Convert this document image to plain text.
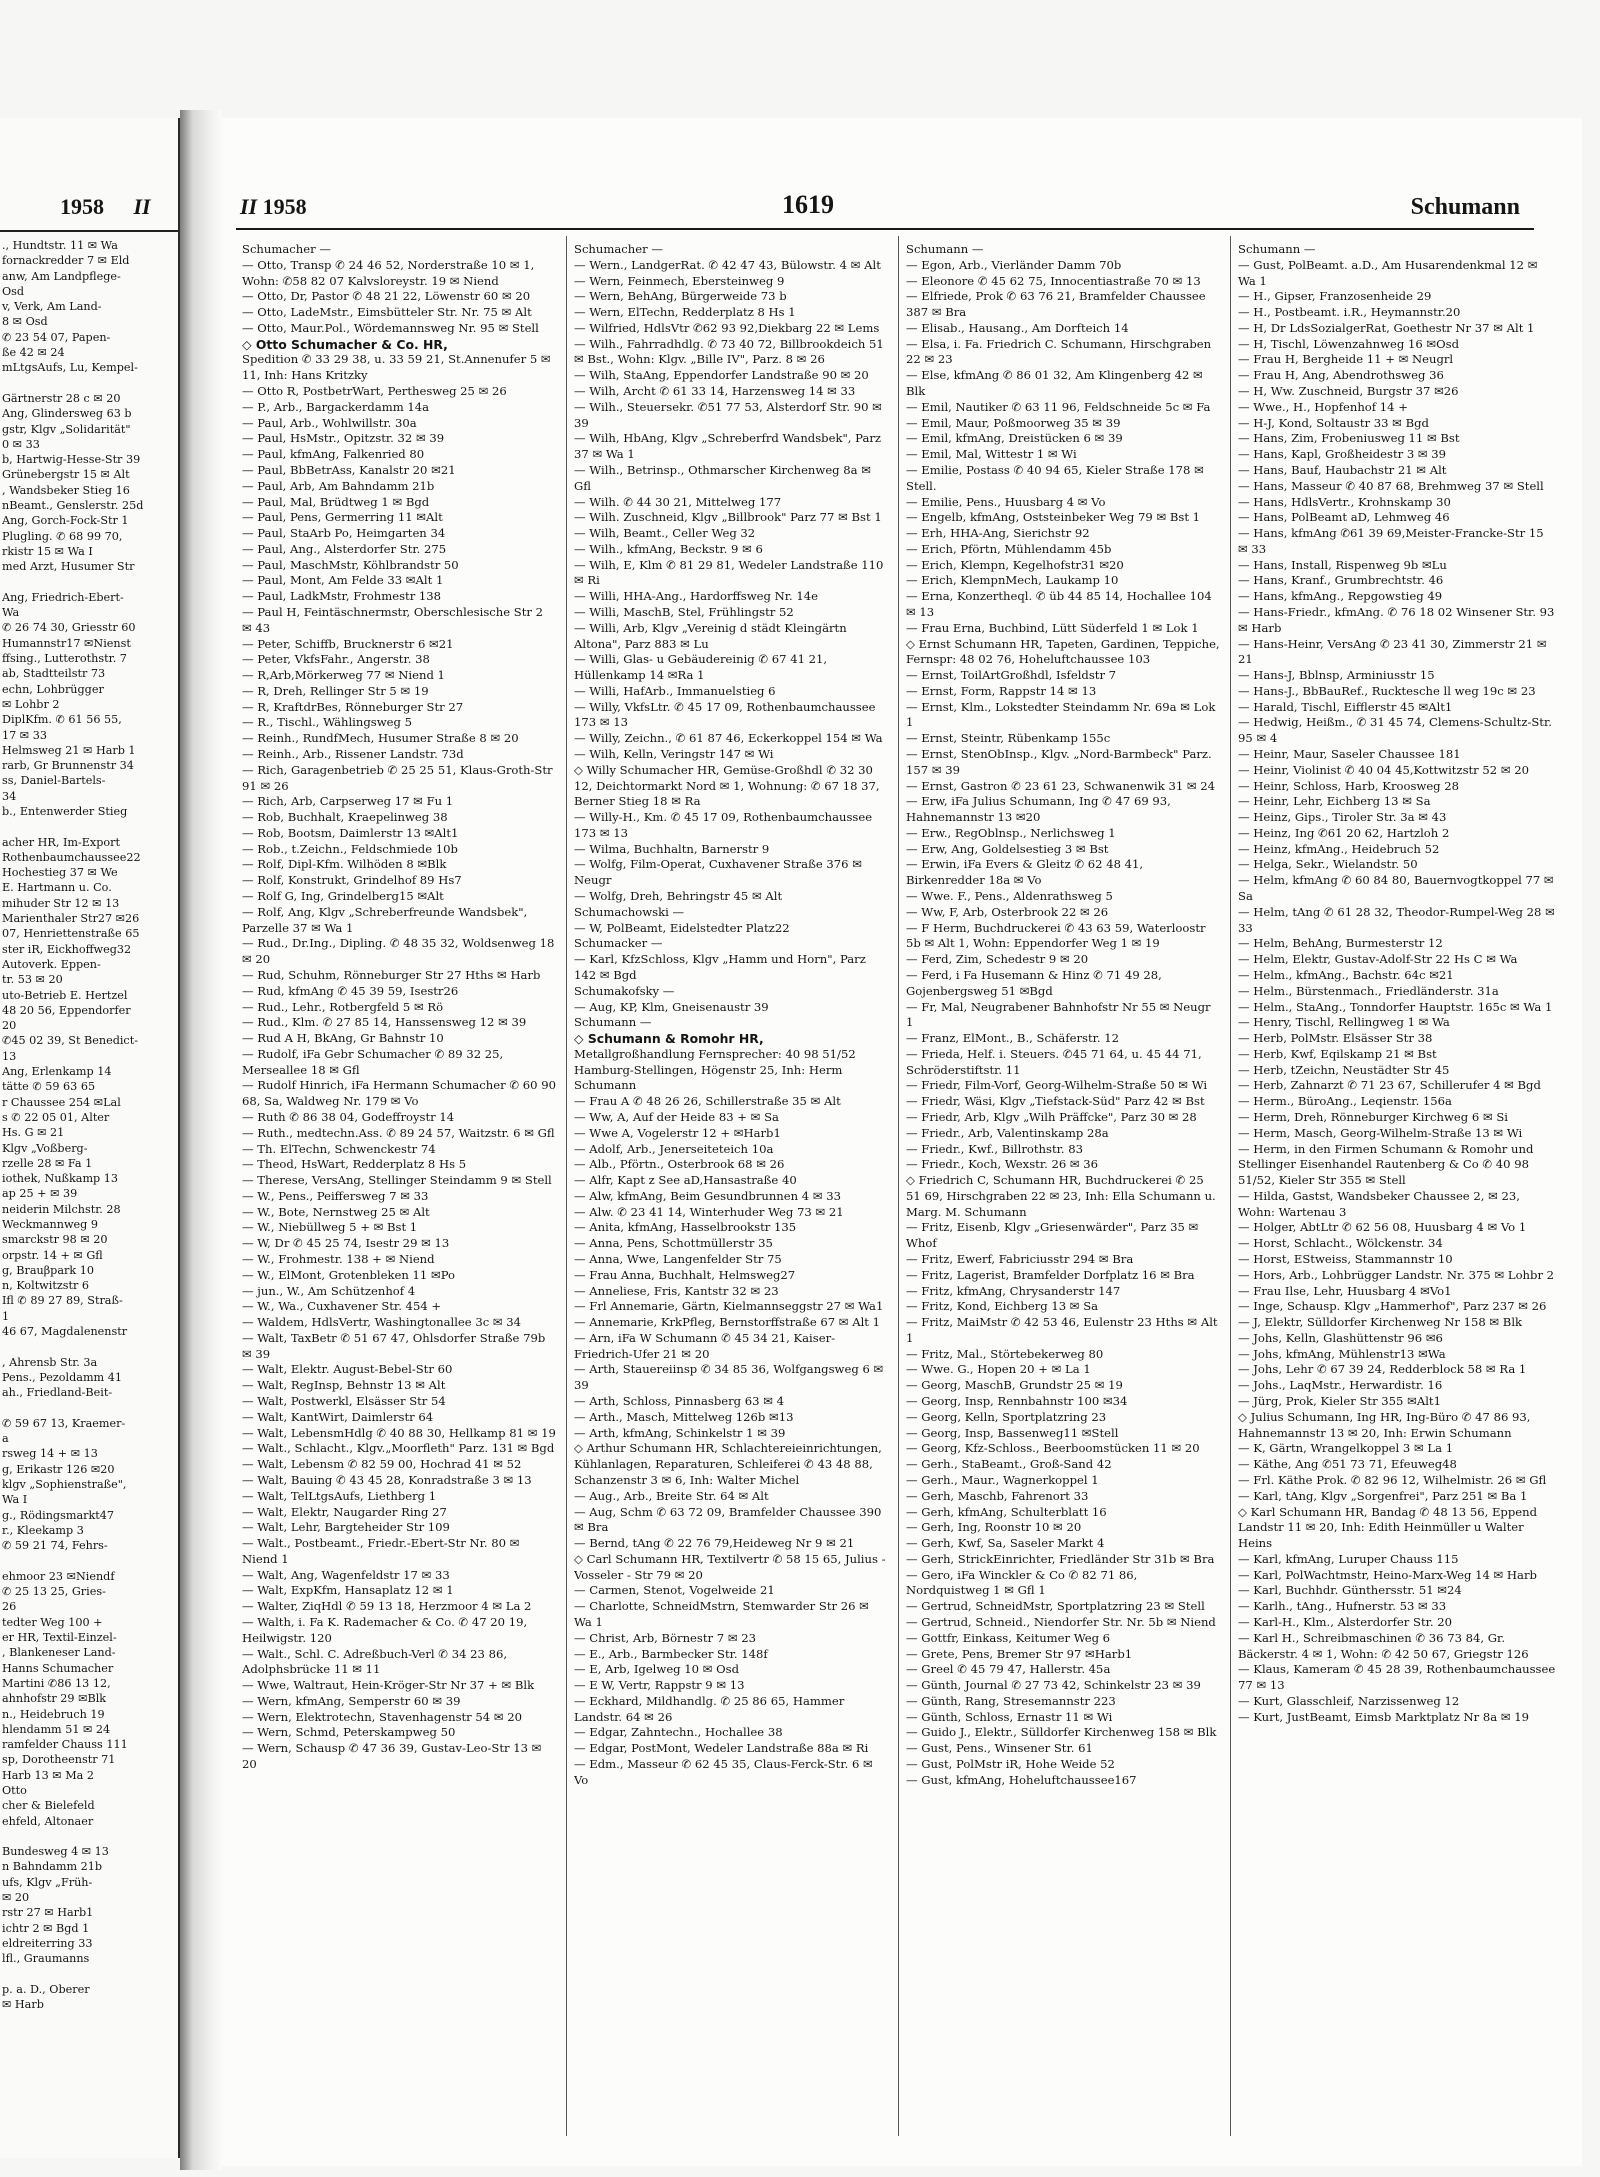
1958 II
., Hundtstr. 11 ✉ Wa
fornackredder 7 ✉ Eld
anw, Am Landpflege-
Osd
v, Verk, Am Land-
8 ✉ Osd
✆ 23 54 07, Papen-
ße 42 ✉ 24
mLtgsAufs, Lu, Kempel-

Gärtnerstr 28 c ✉ 20
Ang, Glindersweg 63 b
gstr, Klgv „Solidarität"
0 ✉ 33
b, Hartwig-Hesse-Str 39
Grünebergstr 15 ✉ Alt
, Wandsbeker Stieg 16
nBeamt., Genslerstr. 25d
Ang, Gorch-Fock-Str 1
Plugling. ✆ 68 99 70,
rkistr 15 ✉ Wa I
med Arzt, Husumer Str

Ang, Friedrich-Ebert-
Wa
✆ 26 74 30, Griesstr 60
Humannstr17 ✉Nienst
ffsing., Lutterothstr. 7
ab, Stadtteilstr 73
echn, Lohbrügger
✉ Lohbr 2
DiplKfm. ✆ 61 56 55,
17 ✉ 33
Helmsweg 21 ✉ Harb 1
rarb, Gr Brunnenstr 34
ss, Daniel-Bartels-
34
b., Entenwerder Stieg

acher HR, Im-Export
Rothenbaumchaussee22
Hochestieg 37 ✉ We
E. Hartmann u. Co.
mihuder Str 12 ✉ 13
Marienthaler Str27 ✉26
07, Henriettenstraße 65
ster iR, Eickhoffweg32
Autoverk. Eppen-
tr. 53 ✉ 20
uto-Betrieb E. Hertzel
48 20 56, Eppendorfer
20
✆45 02 39, St Benedict-
13
Ang, Erlenkamp 14
tätte ✆ 59 63 65
r Chaussee 254 ✉Lal
s ✆ 22 05 01, Alter
Hs. G ✉ 21
Klgv „Voßberg-
rzelle 28 ✉ Fa 1
iothek, Nußkamp 13
ap 25 + ✉ 39
neiderin Milchstr. 28
Weckmannweg 9
smarckstr 98 ✉ 20
orpstr. 14 + ✉ Gfl
g, Brauβpark 10
n, Koltwitzstr 6
Ifl ✆ 89 27 89, Straß-
1
46 67, Magdalenenstr

, Ahrensb Str. 3a
Pens., Pezoldamm 41
ah., Friedland-Beit-

✆ 59 67 13, Kraemer-
a
rsweg 14 + ✉ 13
g, Erikastr 126 ✉20
klgv „Sophienstraße",
Wa I
g., Rödingsmarkt47
r., Kleekamp 3
✆ 59 21 74, Fehrs-

ehmoor 23 ✉Niendf
✆ 25 13 25, Gries-
26
tedter Weg 100 +
er HR, Textil-Einzel-
, Blankeneser Land-
Hanns Schumacher
Martini ✆86 13 12,
ahnhofstr 29 ✉Blk
n., Heidebruch 19
hlendamm 51 ✉ 24
ramfelder Chauss 111
sp, Dorotheenstr 71
Harb 13 ✉ Ma 2
Otto
cher & Bielefeld
ehfeld, Altonaer

Bundesweg 4 ✉ 13
n Bahndamm 21b
ufs, Klgv „Früh-
✉ 20
rstr 27 ✉ Harb1
ichtr 2 ✉ Bgd 1
eldreiterring 33
lfl., Graumanns

p. a. D., Oberer
✉ Harb
II 1958	1619	Schumann
Schumacher —
— Otto, Transp ✆ 24 46 52, Norderstraße 10 ✉ 1, Wohn: ✆58 82 07 Kalvsloreystr. 19 ✉ Niend
— Otto, Dr, Pastor ✆ 48 21 22, Löwenstr 60 ✉ 20
— Otto, LadeMstr., Eimsbütteler Str. Nr. 75 ✉ Alt
— Otto, Maur.Pol., Wördemannsweg Nr. 95 ✉ Stell
◇ Otto Schumacher & Co. HR,
Spedition ✆ 33 29 38, u. 33 59 21, St.Annenufer 5 ✉ 11, Inh: Hans Kritzky
— Otto R, PostbetrWart, Perthesweg 25 ✉ 26
— P., Arb., Bargackerdamm 14a
— Paul, Arb., Wohlwillstr. 30a
— Paul, HsMstr., Opitzstr. 32 ✉ 39
— Paul, kfmAng, Falkenried 80
— Paul, BbBetrAss, Kanalstr 20 ✉21
— Paul, Arb, Am Bahndamm 21b
— Paul, Mal, Brüdtweg 1 ✉ Bgd
— Paul, Pens, Germerring 11 ✉Alt
— Paul, StaArb Po, Heimgarten 34
— Paul, Ang., Alsterdorfer Str. 275
— Paul, MaschMstr, Köhlbrandstr 50
— Paul, Mont, Am Felde 33 ✉Alt 1
— Paul, LadkMstr, Frohmestr 138
— Paul H, Feintäschnermstr, Oberschlesische Str 2 ✉ 43
— Peter, Schiffb, Brucknerstr 6 ✉21
— Peter, VkfsFahr., Angerstr. 38
— R,Arb,Mörkerweg 77 ✉ Niend 1
— R, Dreh, Rellinger Str 5 ✉ 19
— R, KraftdrBes, Rönneburger Str 27
— R., Tischl., Wählingsweg 5
— Reinh., RundfMech, Husumer Straße 8 ✉ 20
— Reinh., Arb., Rissener Landstr. 73d
— Rich, Garagenbetrieb ✆ 25 25 51, Klaus-Groth-Str 91 ✉ 26
— Rich, Arb, Carpserweg 17 ✉ Fu 1
— Rob, Buchhalt, Kraepelinweg 38
— Rob, Bootsm, Daimlerstr 13 ✉Alt1
— Rob., t.Zeichn., Feldschmiede 10b
— Rolf, Dipl-Kfm. Wilhöden 8 ✉Blk
— Rolf, Konstrukt, Grindelhof 89 Hs7
— Rolf G, Ing, Grindelberg15 ✉Alt
— Rolf, Ang, Klgv „Schreberfreunde Wandsbek", Parzelle 37 ✉ Wa 1
— Rud., Dr.Ing., Dipling. ✆ 48 35 32, Woldsenweg 18 ✉ 20
— Rud, Schuhm, Rönneburger Str 27 Hths ✉ Harb
— Rud, kfmAng ✆ 45 39 59, Isestr26
— Rud., Lehr., Rotbergfeld 5 ✉ Rö
— Rud., Klm. ✆ 27 85 14, Hanssensweg 12 ✉ 39
— Rud A H, BkAng, Gr Bahnstr 10
— Rudolf, iFa Gebr Schumacher ✆ 89 32 25, Merseallee 18 ✉ Gfl
— Rudolf Hinrich, iFa Hermann Schumacher ✆ 60 90 68, Sa, Waldweg Nr. 179 ✉ Vo
— Ruth ✆ 86 38 04, Godeffroystr 14
— Ruth., medtechn.Ass. ✆ 89 24 57, Waitzstr. 6 ✉ Gfl
— Th. ElTechn, Schwenckestr 74
— Theod, HsWart, Redderplatz 8 Hs 5
— Therese, VersAng, Stellinger Steindamm 9 ✉ Stell
— W., Pens., Peiffersweg 7 ✉ 33
— W., Bote, Nernstweg 25 ✉ Alt
— W., Niebüllweg 5 + ✉ Bst 1
— W, Dr ✆ 45 25 74, Isestr 29 ✉ 13
— W., Frohmestr. 138 + ✉ Niend
— W., ElMont, Grotenbleken 11 ✉Po
— jun., W., Am Schützenhof 4
— W., Wa., Cuxhavener Str. 454 +
— Waldem, HdlsVertr, Washingtonallee 3c ✉ 34
— Walt, TaxBetr ✆ 51 67 47, Ohlsdorfer Straße 79b ✉ 39
— Walt, Elektr. August-Bebel-Str 60
— Walt, RegInsp, Behnstr 13 ✉ Alt
— Walt, Postwerkl, Elsässer Str 54
— Walt, KantWirt, Daimlerstr 64
— Walt, LebensmHdlg ✆ 40 88 30, Hellkamp 81 ✉ 19
— Walt., Schlacht., Klgv.„Moorfleth" Parz. 131 ✉ Bgd
— Walt, Lebensm ✆ 82 59 00, Hochrad 41 ✉ 52
— Walt, Bauing ✆ 43 45 28, Konradstraße 3 ✉ 13
— Walt, TelLtgsAufs, Liethberg 1
— Walt, Elektr, Naugarder Ring 27
— Walt, Lehr, Bargteheider Str 109
— Walt., Postbeamt., Friedr.-Ebert-Str Nr. 80 ✉ Niend 1
— Walt, Ang, Wagenfeldstr 17 ✉ 33
— Walt, ExpKfm, Hansaplatz 12 ✉ 1
— Walter, ZiqHdl ✆ 59 13 18, Herzmoor 4 ✉ La 2
— Walth, i. Fa K. Rademacher & Co. ✆ 47 20 19, Heilwigstr. 120
— Walt., Schl. C. Adreßbuch-Verl ✆ 34 23 86, Adolphsbrücke 11 ✉ 11
— Wwe, Waltraut, Hein-Kröger-Str Nr 37 + ✉ Blk
— Wern, kfmAng, Semperstr 60 ✉ 39
— Wern, Elektrotechn, Stavenhagenstr 54 ✉ 20
— Wern, Schmd, Peterskampweg 50
— Wern, Schausp ✆ 47 36 39, Gustav-Leo-Str 13 ✉ 20
Schumacher —
— Wern., LandgerRat. ✆ 42 47 43, Bülowstr. 4 ✉ Alt
— Wern, Feinmech, Ebersteinweg 9
— Wern, BehAng, Bürgerweide 73 b
— Wern, ElTechn, Redderplatz 8 Hs 1
— Wilfried, HdlsVtr ✆62 93 92,Diekbarg 22 ✉ Lems
— Wilh., Fahrradhdlg. ✆ 73 40 72, Billbrookdeich 51 ✉ Bst., Wohn: Klgv. „Bille IV", Parz. 8 ✉ 26
— Wilh, StaAng, Eppendorfer Landstraße 90 ✉ 20
— Wilh, Archt ✆ 61 33 14, Harzensweg 14 ✉ 33
— Wilh., Steuersekr. ✆51 77 53, Alsterdorf Str. 90 ✉ 39
— Wilh, HbAng, Klgv „Schreberfrd Wandsbek", Parz 37 ✉ Wa 1
— Wilh., Betrinsp., Othmarscher Kirchenweg 8a ✉ Gfl
— Wilh. ✆ 44 30 21, Mittelweg 177
— Wilh. Zuschneid, Klgv „Billbrook" Parz 77 ✉ Bst 1
— Wilh, Beamt., Celler Weg 32
— Wilh., kfmAng, Beckstr. 9 ✉ 6
— Wilh, E, Klm ✆ 81 29 81, Wedeler Landstraße 110 ✉ Ri
— Willi, HHA-Ang., Hardorffsweg Nr. 14e
— Willi, MaschB, Stel, Frühlingstr 52
— Willi, Arb, Klgv „Vereinig d städt Kleingärtn Altona", Parz 883 ✉ Lu
— Willi, Glas- u Gebäudereinig ✆ 67 41 21, Hüllenkamp 14 ✉Ra 1
— Willi, HafArb., Immanuelstieg 6
— Willy, VkfsLtr. ✆ 45 17 09, Rothenbaumchaussee 173 ✉ 13
— Willy, Zeichn., ✆ 61 87 46, Eckerkoppel 154 ✉ Wa
— Wilh, Kelln, Veringstr 147 ✉ Wi
◇ Willy Schumacher HR, Gemüse-Großhdl ✆ 32 30 12, Deichtormarkt Nord ✉ 1, Wohnung: ✆ 67 18 37, Berner Stieg 18 ✉ Ra
— Willy-H., Km. ✆ 45 17 09, Rothenbaumchaussee 173 ✉ 13
— Wilma, Buchhaltn, Barnerstr 9
— Wolfg, Film-Operat, Cuxhavener Straße 376 ✉ Neugr
— Wolfg, Dreh, Behringstr 45 ✉ Alt
Schumachowski —
— W, PolBeamt, Eidelstedter Platz22
Schumacker —
— Karl, KfzSchloss, Klgv „Hamm und Horn", Parz 142 ✉ Bgd
Schumakofsky —
— Aug, KP, Klm, Gneisenaustr 39
Schumann —
◇ Schumann & Romohr HR,
Metallgroßhandlung Fernsprecher: 40 98 51/52 Hamburg-Stellingen, Högenstr 25, Inh: Herm Schumann
— Frau A ✆ 48 26 26, Schillerstraße 35 ✉ Alt
— Ww, A, Auf der Heide 83 + ✉ Sa
— Wwe A, Vogelerstr 12 + ✉Harb1
— Adolf, Arb., Jenerseiteteich 10a
— Alb., Pförtn., Osterbrook 68 ✉ 26
— Alfr, Kapt z See aD,Hansastraße 40
— Alw, kfmAng, Beim Gesundbrunnen 4 ✉ 33
— Alw. ✆ 23 41 14, Winterhuder Weg 73 ✉ 21
— Anita, kfmAng, Hasselbrookstr 135
— Anna, Pens, Schottmüllerstr 35
— Anna, Wwe, Langenfelder Str 75
— Frau Anna, Buchhalt, Helmsweg27
— Anneliese, Fris, Kantstr 32 ✉ 23
— Frl Annemarie, Gärtn, Kielmannseggstr 27 ✉ Wa1
— Annemarie, KrkPfleg, Bernstorffstraße 67 ✉ Alt 1
— Arn, iFa W Schumann ✆ 45 34 21, Kaiser-Friedrich-Ufer 21 ✉ 20
— Arth, Stauereiinsp ✆ 34 85 36, Wolfgangsweg 6 ✉ 39
— Arth, Schloss, Pinnasberg 63 ✉ 4
— Arth., Masch, Mittelweg 126b ✉13
— Arth, kfmAng, Schinkelstr 1 ✉ 39
◇ Arthur Schumann HR, Schlachtereieinrichtungen, Kühlanlagen, Reparaturen, Schleiferei ✆ 43 48 88, Schanzenstr 3 ✉ 6, Inh: Walter Michel
— Aug., Arb., Breite Str. 64 ✉ Alt
— Aug, Schm ✆ 63 72 09, Bramfelder Chaussee 390 ✉ Bra
— Bernd, tAng ✆ 22 76 79,Heideweg Nr 9 ✉ 21
◇ Carl Schumann HR, Textilvertr ✆ 58 15 65, Julius - Vosseler - Str 79 ✉ 20
— Carmen, Stenot, Vogelweide 21
— Charlotte, SchneidMstrn, Stemwarder Str 26 ✉ Wa 1
— Christ, Arb, Börnestr 7 ✉ 23
— E., Arb., Barmbecker Str. 148f
— E, Arb, Igelweg 10 ✉ Osd
— E W, Vertr, Rappstr 9 ✉ 13
— Eckhard, Mildhandlg. ✆ 25 86 65, Hammer Landstr. 64 ✉ 26
— Edgar, Zahntechn., Hochallee 38
— Edgar, PostMont, Wedeler Landstraße 88a ✉ Ri
— Edm., Masseur ✆ 62 45 35, Claus-Ferck-Str. 6 ✉ Vo
Schumann —
— Egon, Arb., Vierländer Damm 70b
— Eleonore ✆ 45 62 75, Innocentiastraße 70 ✉ 13
— Elfriede, Prok ✆ 63 76 21, Bramfelder Chaussee 387 ✉ Bra
— Elisab., Hausang., Am Dorfteich 14
— Elsa, i. Fa. Friedrich C. Schumann, Hirschgraben 22 ✉ 23
— Else, kfmAng ✆ 86 01 32, Am Klingenberg 42 ✉ Blk
— Emil, Nautiker ✆ 63 11 96, Feldschneide 5c ✉ Fa
— Emil, Maur, Poßmoorweg 35 ✉ 39
— Emil, kfmAng, Dreistücken 6 ✉ 39
— Emil, Mal, Wittestr 1 ✉ Wi
— Emilie, Postass ✆ 40 94 65, Kieler Straße 178 ✉ Stell.
— Emilie, Pens., Huusbarg 4 ✉ Vo
— Engelb, kfmAng, Oststeinbeker Weg 79 ✉ Bst 1
— Erh, HHA-Ang, Sierichstr 92
— Erich, Pförtn, Mühlendamm 45b
— Erich, Klempn, Kegelhofstr31 ✉20
— Erich, KlempnMech, Laukamp 10
— Erna, Konzertheql. ✆ üb 44 85 14, Hochallee 104 ✉ 13
— Frau Erna, Buchbind, Lütt Süderfeld 1 ✉ Lok 1
◇ Ernst Schumann HR, Tapeten, Gardinen, Teppiche, Fernspr: 48 02 76, Hoheluftchaussee 103
— Ernst, ToilArtGroßhdl, Isfeldstr 7
— Ernst, Form, Rappstr 14 ✉ 13
— Ernst, Klm., Lokstedter Steindamm Nr. 69a ✉ Lok 1
— Ernst, Steintr, Rübenkamp 155c
— Ernst, StenObInsp., Klgv. „Nord-Barmbeck" Parz. 157 ✉ 39
— Ernst, Gastron ✆ 23 61 23, Schwanenwik 31 ✉ 24
— Erw, iFa Julius Schumann, Ing ✆ 47 69 93, Hahnemannstr 13 ✉20
— Erw., RegOblnsp., Nerlichsweg 1
— Erw, Ang, Goldelsestieg 3 ✉ Bst
— Erwin, iFa Evers & Gleitz ✆ 62 48 41, Birkenredder 18a ✉ Vo
— Wwe. F., Pens., Aldenrathsweg 5
— Ww, F, Arb, Osterbrook 22 ✉ 26
— F Herm, Buchdruckerei ✆ 43 63 59, Waterloostr 5b ✉ Alt 1, Wohn: Eppendorfer Weg 1 ✉ 19
— Ferd, Zim, Schedestr 9 ✉ 20
— Ferd, i Fa Husemann & Hinz ✆ 71 49 28, Gojenbergsweg 51 ✉Bgd
— Fr, Mal, Neugrabener Bahnhofstr Nr 55 ✉ Neugr 1
— Franz, ElMont., B., Schäferstr. 12
— Frieda, Helf. i. Steuers. ✆45 71 64, u. 45 44 71, Schröderstiftstr. 11
— Friedr, Film-Vorf, Georg-Wilhelm-Straße 50 ✉ Wi
— Friedr, Wäsi, Klgv „Tiefstack-Süd" Parz 42 ✉ Bst
— Friedr, Arb, Klgv „Wilh Präffcke", Parz 30 ✉ 28
— Friedr., Arb, Valentinskamp 28a
— Friedr., Kwf., Billrothstr. 83
— Friedr., Koch, Wexstr. 26 ✉ 36
◇ Friedrich C, Schumann HR, Buchdruckerei ✆ 25 51 69, Hirschgraben 22 ✉ 23, Inh: Ella Schumann u. Marg. M. Schumann
— Fritz, Eisenb, Klgv „Griesenwärder", Parz 35 ✉ Whof
— Fritz, Ewerf, Fabriciusstr 294 ✉ Bra
— Fritz, Lagerist, Bramfelder Dorfplatz 16 ✉ Bra
— Fritz, kfmAng, Chrysanderstr 147
— Fritz, Kond, Eichberg 13 ✉ Sa
— Fritz, MaiMstr ✆ 42 53 46, Eulenstr 23 Hths ✉ Alt 1
— Fritz, Mal., Störtebekerweg 80
— Wwe. G., Hopen 20 + ✉ La 1
— Georg, MaschB, Grundstr 25 ✉ 19
— Georg, Insp, Rennbahnstr 100 ✉34
— Georg, Kelln, Sportplatzring 23
— Georg, Insp, Bassenweg11 ✉Stell
— Georg, Kfz-Schloss., Beerboomstücken 11 ✉ 20
— Gerh., StaBeamt., Groß-Sand 42
— Gerh., Maur., Wagnerkoppel 1
— Gerh, Maschb, Fahrenort 33
— Gerh, kfmAng, Schulterblatt 16
— Gerh, Ing, Roonstr 10 ✉ 20
— Gerh, Kwf, Sa, Saseler Markt 4
— Gerh, StrickEinrichter, Friedländer Str 31b ✉ Bra
— Gero, iFa Winckler & Co ✆ 82 71 86, Nordquistweg 1 ✉ Gfl 1
— Gertrud, SchneidMstr, Sportplatzring 23 ✉ Stell
— Gertrud, Schneid., Niendorfer Str. Nr. 5b ✉ Niend
— Gottfr, Einkass, Keitumer Weg 6
— Grete, Pens, Bremer Str 97 ✉Harb1
— Greel ✆ 45 79 47, Hallerstr. 45a
— Günth, Journal ✆ 27 73 42, Schinkelstr 23 ✉ 39
— Günth, Rang, Stresemannstr 223
— Günth, Schloss, Ernastr 11 ✉ Wi
— Guido J., Elektr., Sülldorfer Kirchenweg 158 ✉ Blk
— Gust, Pens., Winsener Str. 61
— Gust, PolMstr iR, Hohe Weide 52
— Gust, kfmAng, Hoheluftchaussee167
Schumann —
— Gust, PolBeamt. a.D., Am Husarendenkmal 12 ✉ Wa 1
— H., Gipser, Franzosenheide 29
— H., Postbeamt. i.R., Heymannstr.20
— H, Dr LdsSozialgerRat, Goethestr Nr 37 ✉ Alt 1
— H, Tischl, Löwenzahnweg 16 ✉Osd
— Frau H, Bergheide 11 + ✉ Neugrl
— Frau H, Ang, Abendrothsweg 36
— H, Ww. Zuschneid, Burgstr 37 ✉26
— Wwe., H., Hopfenhof 14 +
— H-J, Kond, Soltaustr 33 ✉ Bgd
— Hans, Zim, Frobeniusweg 11 ✉ Bst
— Hans, Kapl, Großheidestr 3 ✉ 39
— Hans, Bauf, Haubachstr 21 ✉ Alt
— Hans, Masseur ✆ 40 87 68, Brehmweg 37 ✉ Stell
— Hans, HdlsVertr., Krohnskamp 30
— Hans, PolBeamt aD, Lehmweg 46
— Hans, kfmAng ✆61 39 69,Meister-Francke-Str 15 ✉ 33
— Hans, Install, Rispenweg 9b ✉Lu
— Hans, Kranf., Grumbrechtstr. 46
— Hans, kfmAng., Repgowstieg 49
— Hans-Friedr., kfmAng. ✆ 76 18 02 Winsener Str. 93 ✉ Harb
— Hans-Heinr, VersAng ✆ 23 41 30, Zimmerstr 21 ✉ 21
— Hans-J, Bblnsp, Arminiusstr 15
— Hans-J., BbBauRef., Rucktesche ll weg 19c ✉ 23
— Harald, Tischl, Eifflerstr 45 ✉Alt1
— Hedwig, Heißm., ✆ 31 45 74, Clemens-Schultz-Str. 95 ✉ 4
— Heinr, Maur, Saseler Chaussee 181
— Heinr, Violinist ✆ 40 04 45,Kottwitzstr 52 ✉ 20
— Heinr, Schloss, Harb, Kroosweg 28
— Heinr, Lehr, Eichberg 13 ✉ Sa
— Heinz, Gips., Tiroler Str. 3a ✉ 43
— Heinz, Ing ✆61 20 62, Hartzloh 2
— Heinz, kfmAng., Heidebruch 52
— Helga, Sekr., Wielandstr. 50
— Helm, kfmAng ✆ 60 84 80, Bauernvogtkoppel 77 ✉ Sa
— Helm, tAng ✆ 61 28 32, Theodor-Rumpel-Weg 28 ✉ 33
— Helm, BehAng, Burmesterstr 12
— Helm, Elektr, Gustav-Adolf-Str 22 Hs C ✉ Wa
— Helm., kfmAng., Bachstr. 64c ✉21
— Helm., Bürstenmach., Friedländerstr. 31a
— Helm., StaAng., Tonndorfer Hauptstr. 165c ✉ Wa 1
— Henry, Tischl, Rellingweg 1 ✉ Wa
— Herb, PolMstr. Elsässer Str 38
— Herb, Kwf, Eqilskamp 21 ✉ Bst
— Herb, tZeichn, Neustädter Str 45
— Herb, Zahnarzt ✆ 71 23 67, Schillerufer 4 ✉ Bgd
— Herm., BüroAng., Leqienstr. 156a
— Herm, Dreh, Rönneburger Kirchweg 6 ✉ Si
— Herm, Masch, Georg-Wilhelm-Straße 13 ✉ Wi
— Herm, in den Firmen Schumann & Romohr und Stellinger Eisenhandel Rautenberg & Co ✆ 40 98 51/52, Kieler Str 355 ✉ Stell
— Hilda, Gastst, Wandsbeker Chaussee 2, ✉ 23, Wohn: Wartenau 3
— Holger, AbtLtr ✆ 62 56 08, Huusbarg 4 ✉ Vo 1
— Horst, Schlacht., Wölckenstr. 34
— Horst, EStweiss, Stammannstr 10
— Hors, Arb., Lohbrügger Landstr. Nr. 375 ✉ Lohbr 2
— Frau Ilse, Lehr, Huusbarg 4 ✉Vo1
— Inge, Schausp. Klgv „Hammerhof", Parz 237 ✉ 26
— J, Elektr, Sülldorfer Kirchenweg Nr 158 ✉ Blk
— Johs, Kelln, Glashüttenstr 96 ✉6
— Johs, kfmAng, Mühlenstr13 ✉Wa
— Johs, Lehr ✆ 67 39 24, Redderblock 58 ✉ Ra 1
— Johs., LaqMstr., Herwardistr. 16
— Jürg, Prok, Kieler Str 355 ✉Alt1
◇ Julius Schumann, Ing HR, Ing-Büro ✆ 47 86 93, Hahnemannstr 13 ✉ 20, Inh: Erwin Schumann
— K, Gärtn, Wrangelkoppel 3 ✉ La 1
— Käthe, Ang ✆51 73 71, Efeuweg48
— Frl. Käthe Prok. ✆ 82 96 12, Wilhelmistr. 26 ✉ Gfl
— Karl, tAng, Klgv „Sorgenfrei", Parz 251 ✉ Ba 1
◇ Karl Schumann HR, Bandag ✆ 48 13 56, Eppend Landstr 11 ✉ 20, Inh: Edith Heinmüller u Walter Heins
— Karl, kfmAng, Luruper Chauss 115
— Karl, PolWachtmstr, Heino-Marx-Weg 14 ✉ Harb
— Karl, Buchhdr. Günthersstr. 51 ✉24
— Karlh., tAng., Hufnerstr. 53 ✉ 33
— Karl-H., Klm., Alsterdorfer Str. 20
— Karl H., Schreibmaschinen ✆ 36 73 84, Gr. Bäckerstr. 4 ✉ 1, Wohn: ✆ 42 50 67, Griegstr 126
— Klaus, Kameram ✆ 45 28 39, Rothenbaumchaussee 77 ✉ 13
— Kurt, Glasschleif, Narzissenweg 12
— Kurt, JustBeamt, Eimsb Marktplatz Nr 8a ✉ 19
